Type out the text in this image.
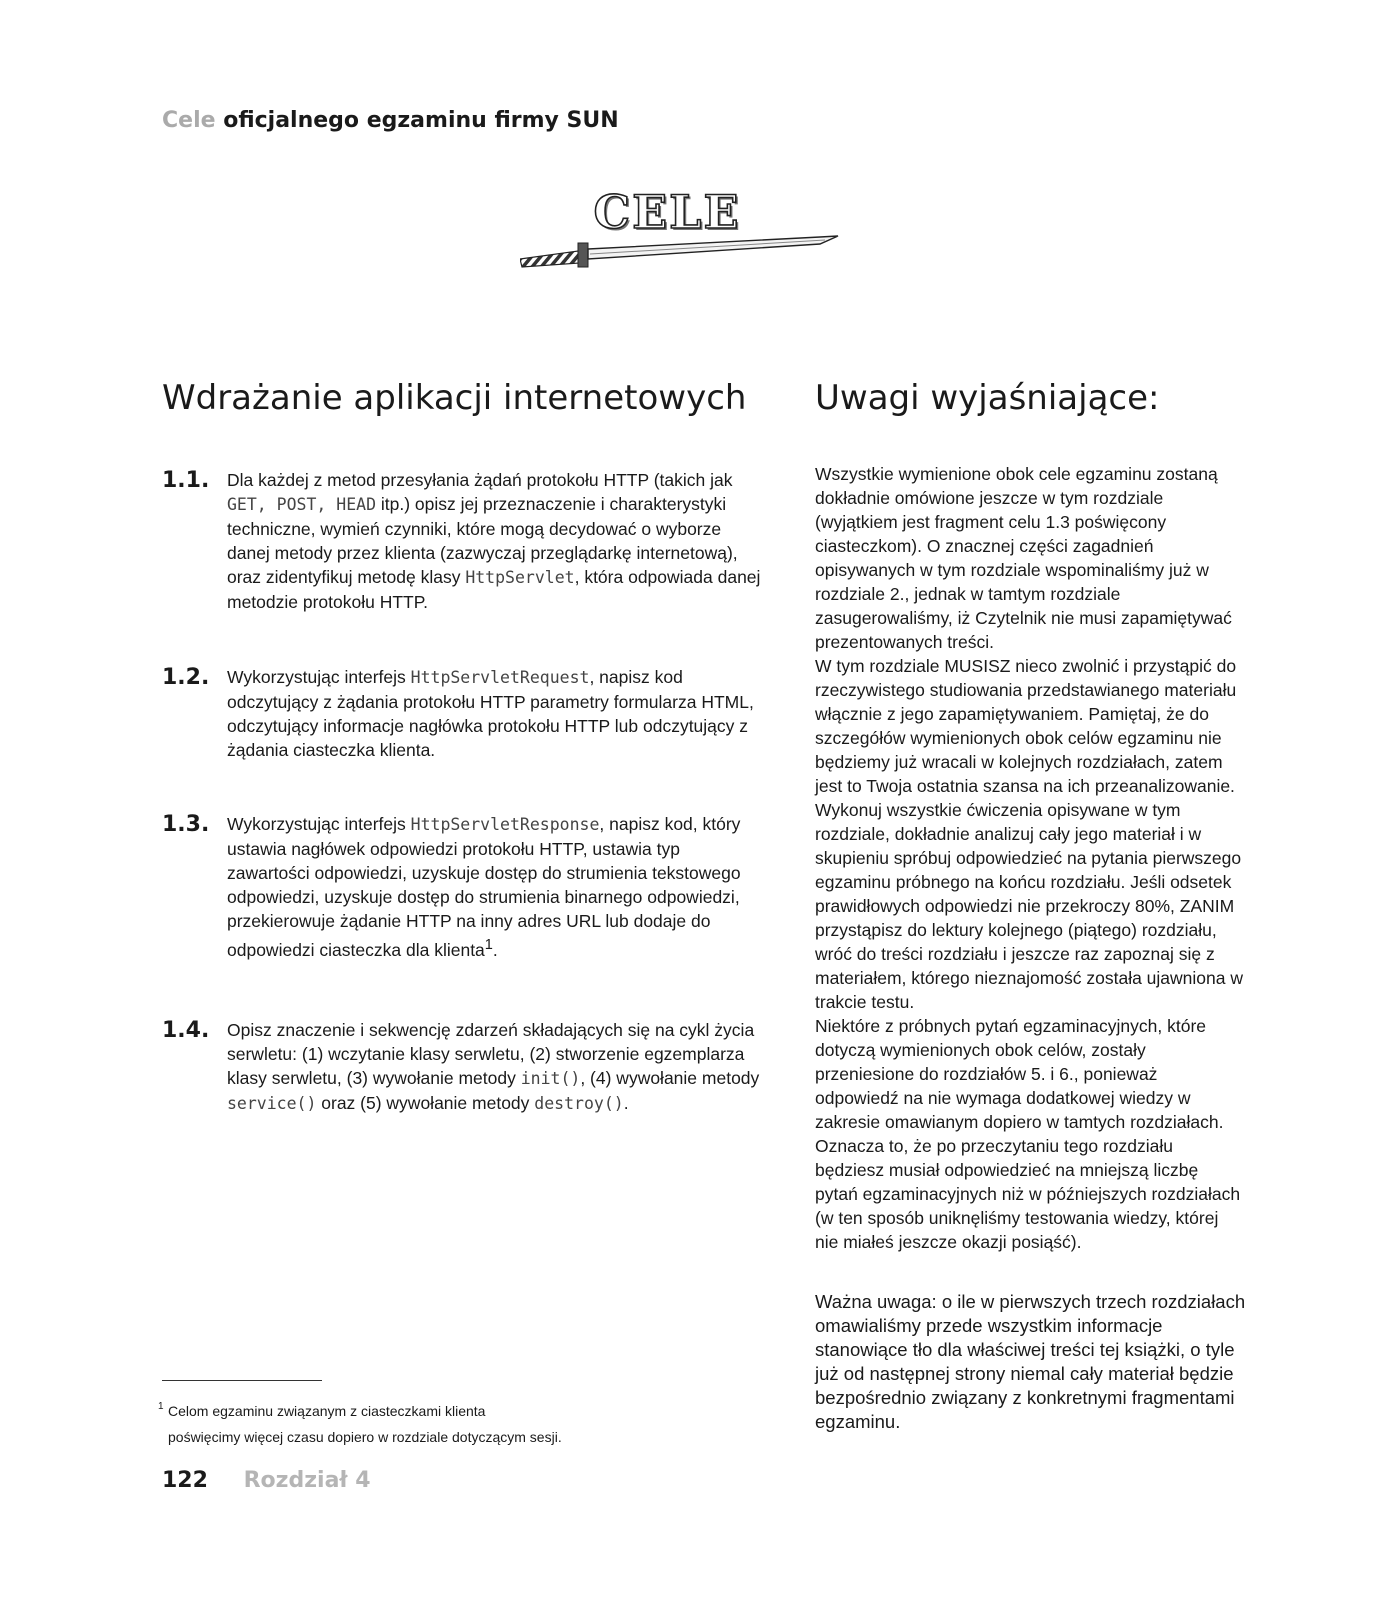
Cele oficjalnego egzaminu firmy SUN
CELE
Wdrażanie aplikacji internetowych Uwagi wyjaśniające:
1.1. Dla każdej z metod przesyłania żądań protokołu HTTP (takich jak GET, POST, HEAD itp.) opisz jej przeznaczenie i charakterystyki techniczne, wymień czynniki, które mogą decydować o wyborze danej metody przez klienta (zazwyczaj przeglądarkę internetową), oraz zidentyfikuj metodę klasy HttpServlet, która odpowiada danej metodzie protokołu HTTP.
1.2. Wykorzystując interfejs HttpServletRequest, napisz kod odczytujący z żądania protokołu HTTP parametry formularza HTML, odczytujący informacje nagłówka protokołu HTTP lub odczytujący z żądania ciasteczka klienta.
1.3. Wykorzystując interfejs HttpServletResponse, napisz kod, który ustawia nagłówek odpowiedzi protokołu HTTP, ustawia typ zawartości odpowiedzi, uzyskuje dostęp do strumienia tekstowego odpowiedzi, uzyskuje dostęp do strumienia binarnego odpowiedzi, przekierowuje żądanie HTTP na inny adres URL lub dodaje do odpowiedzi ciasteczka dla klienta$^1$.
1.4. Opisz znaczenie i sekwencję zdarzeń składających się na cykl życia serwletu: (1) wczytanie klasy serwletu, (2) stworzenie egzemplarza klasy serwletu, (3) wywołanie metody init(), (4) wywołanie metody service() oraz (5) wywołanie metody destroy().

Wszystkie wymienione obok cele egzaminu zostaną dokładnie omówione jeszcze w tym rozdziale (wyjątkiem jest fragment celu 1.3 poświęcony ciasteczkom). O znacznej części zagadnień opisywanych w tym rozdziale wspominaliśmy już w rozdziale 2., jednak w tamtym rozdziale zasugerowaliśmy, iż Czytelnik nie musi zapamiętywać prezentowanych treści.

W tym rozdziale MUSISZ nieco zwolnić i przystąpić do rzeczywistego studiowania przedstawianego materiału włącznie z jego zapamiętywaniem. Pamiętaj, że do szczegółów wymienionych obok celów egzaminu nie będziemy już wracali w kolejnych rozdziałach, zatem jest to Twoja ostatnia szansa na ich przeanalizowanie.

Wykonuj wszystkie ćwiczenia opisywane w tym rozdziale, dokładnie analizuj cały jego materiał i w skupieniu spróbuj odpowiedzieć na pytania pierwszego egzaminu próbnego na końcu rozdziału. Jeśli odsetek prawidłowych odpowiedzi nie przekroczy 80%, ZANIM przystąpisz do lektury kolejnego (piątego) rozdziału, wróć do treści rozdziału i jeszcze raz zapoznaj się z materiałem, którego nieznajomość została ujawniona w trakcie testu.

Niektóre z próbnych pytań egzaminacyjnych, które dotyczą wymienionych obok celów, zostały przeniesione do rozdziałów 5. i 6., ponieważ odpowiedź na nie wymaga dodatkowej wiedzy w zakresie omawianym dopiero w tamtych rozdziałach. Oznacza to, że po przeczytaniu tego rozdziału będziesz musiał odpowiedzieć na mniejszą liczbę pytań egzaminacyjnych niż w późniejszych rozdziałach (w ten sposób uniknęliśmy testowania wiedzy, której nie miałeś jeszcze okazji posiąść).

Ważna uwaga: o ile w pierwszych trzech rozdziałach omawialiśmy przede wszystkim informacje stanowiące tło dla właściwej treści tej książki, o tyle już od następnej strony niemal cały materiał będzie bezpośrednio związany z konkretnymi fragmentami egzaminu.
1 Celom egzaminu związanym z ciasteczkami klienta
poświęcimy więcej czasu dopiero w rozdziale dotyczącym sesji.
122 Rozdział 4
